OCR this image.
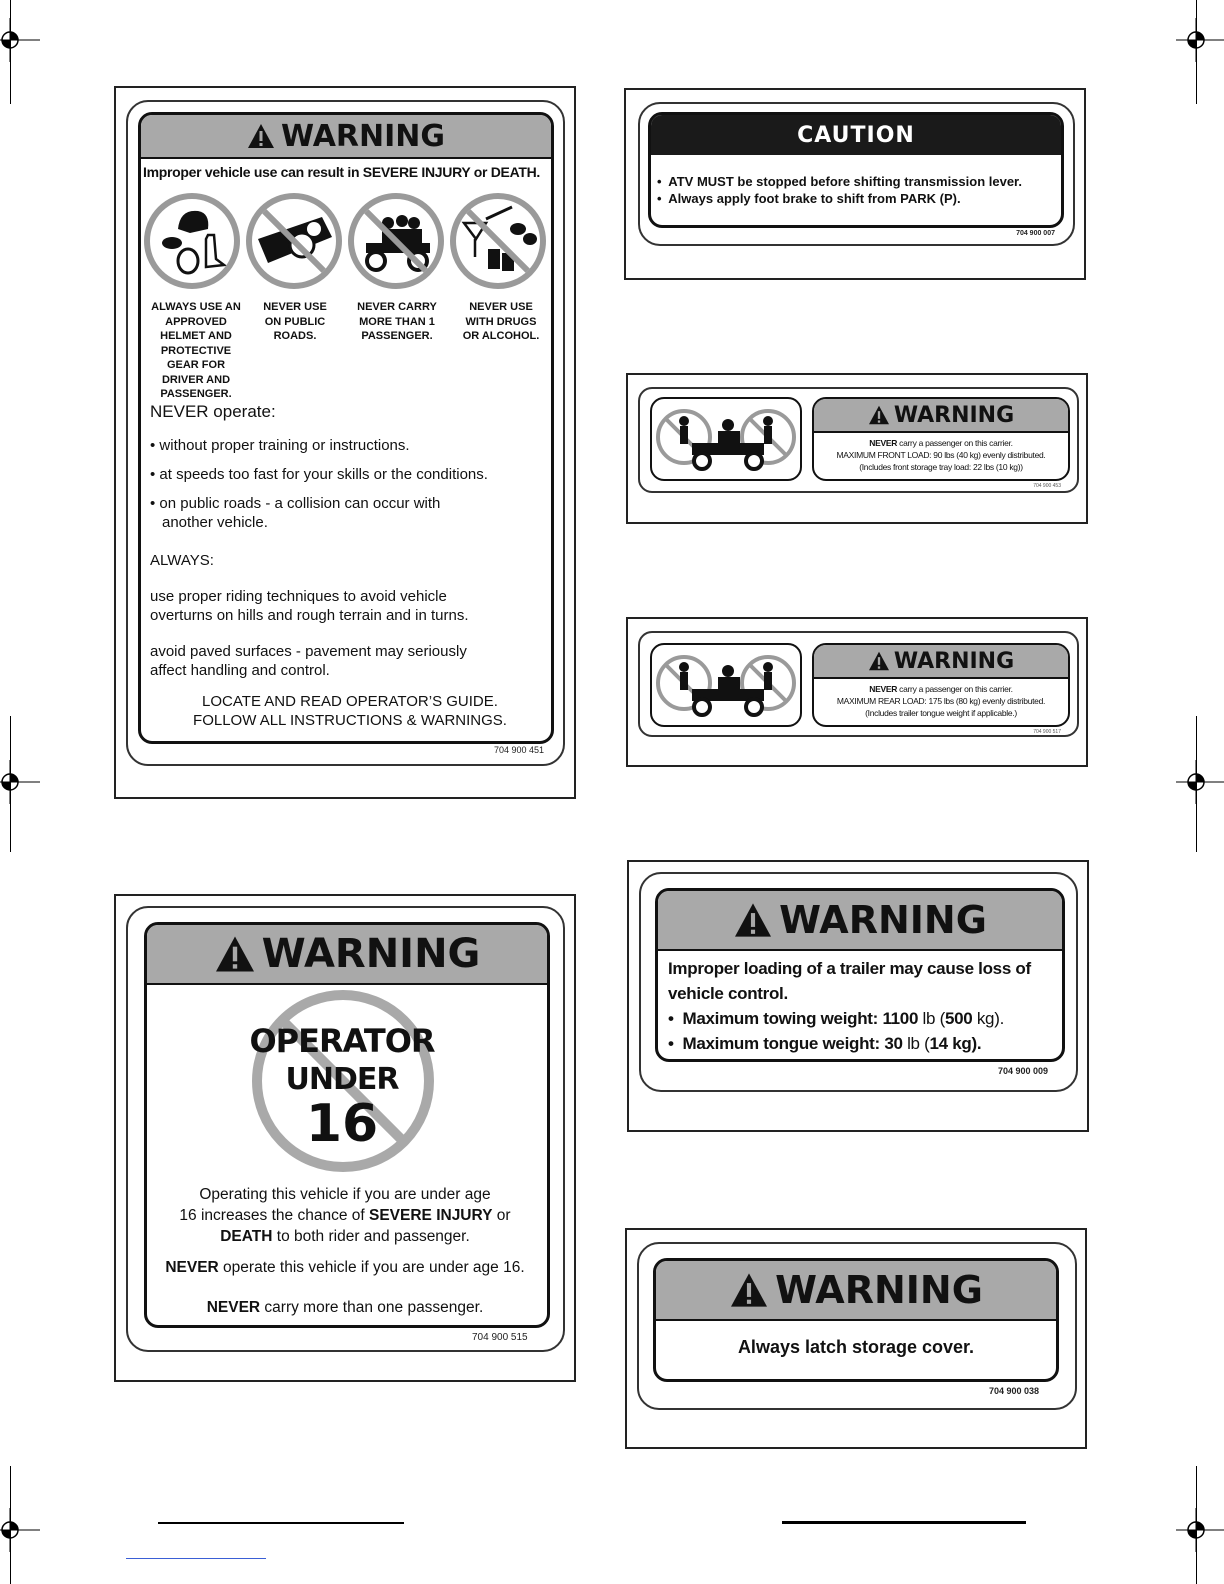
WARNING
Improper vehicle use can result in SEVERE INJURY or DEATH.
ALWAYS USE AN APPROVED HELMET AND PROTECTIVE GEAR FOR DRIVER AND PASSENGER.
NEVER USE ON PUBLIC ROADS.
NEVER CARRY MORE THAN 1 PASSENGER.
NEVER USE WITH DRUGS OR ALCOHOL.
NEVER operate:
• without proper training or instructions.
• at speeds too fast for your skills or the conditions.
• on public roads - a collision can occur with
another vehicle.
ALWAYS:
use proper riding techniques to avoid vehicle
overturns on hills and rough terrain and in turns.
avoid paved surfaces - pavement may seriously
affect handling and control.
LOCATE AND READ OPERATOR’S GUIDE.
FOLLOW ALL INSTRUCTIONS & WARNINGS.
704 900 451
CAUTION
•  ATV MUST be stopped before shifting transmission lever.
•  Always apply foot brake to shift from PARK (P).
704 900 007
WARNING
NEVER carry a passenger on this carrier.
MAXIMUM FRONT LOAD: 90 lbs (40 kg) evenly distributed.
(Includes front storage tray load: 22 lbs (10 kg))
704 900 453
WARNING
NEVER carry a passenger on this carrier.
MAXIMUM REAR LOAD: 175 lbs (80 kg) evenly distributed.
(Includes trailer tongue weight if applicable.)
704 900 517
WARNING
OPERATOR
UNDER
16
Operating this vehicle if you are under age
16 increases the chance of SEVERE INJURY or
DEATH to both rider and passenger.
NEVER operate this vehicle if you are under age 16.
NEVER carry more than one passenger.
704 900 515
WARNING
Improper loading of a trailer may cause loss of
vehicle control.
•  Maximum towing weight: 1100 lb (500 kg).
•  Maximum tongue weight: 30 lb (14 kg).
704 900 009
WARNING
Always latch storage cover.
704 900 038
